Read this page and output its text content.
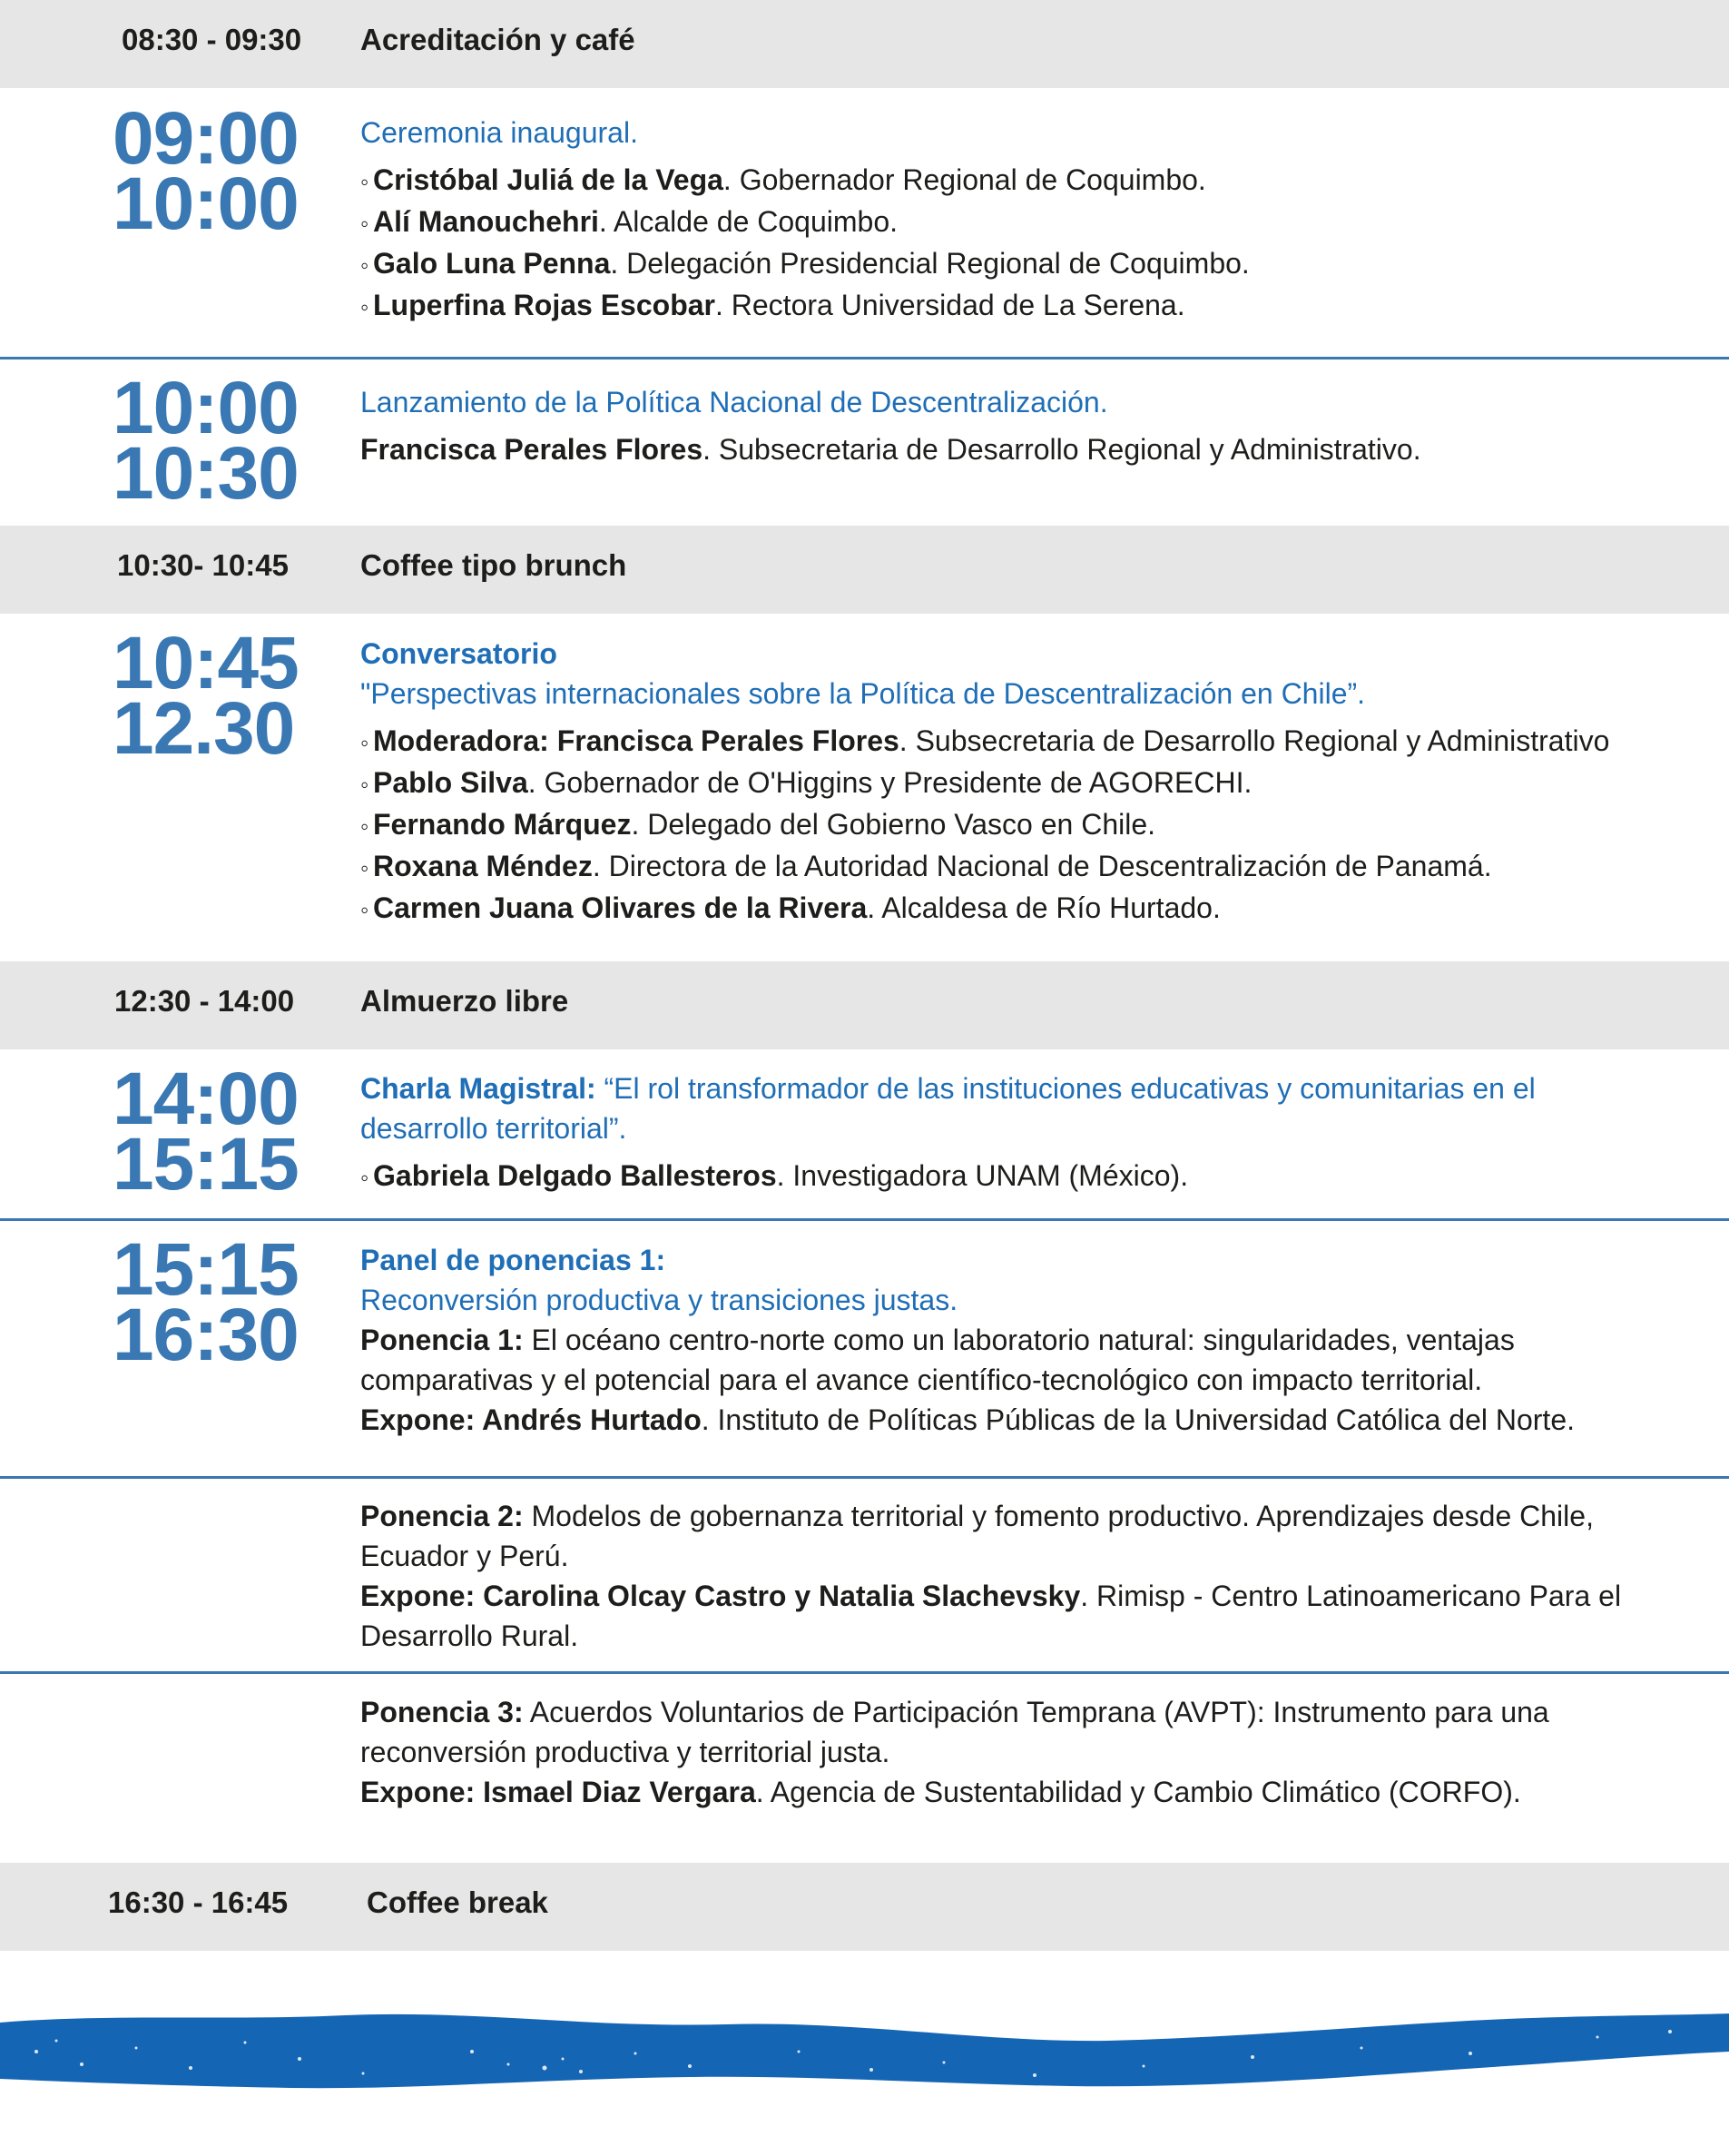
08:30 - 09:30 Acreditación y café
09:00
10:00
Ceremonia inaugural.
◦ Cristóbal Juliá de la Vega. Gobernador Regional de Coquimbo.
◦ Alí Manouchehri. Alcalde de Coquimbo.
◦ Galo Luna Penna. Delegación Presidencial Regional de Coquimbo.
◦ Luperfina Rojas Escobar. Rectora Universidad de La Serena.
10:00
10:30
Lanzamiento de la Política Nacional de Descentralización.
Francisca Perales Flores. Subsecretaria de Desarrollo Regional y Administrativo.
10:30- 10:45 Coffee tipo brunch
10:45
12.30
Conversatorio
"Perspectivas internacionales sobre la Política de Descentralización en Chile”.
◦ Moderadora: Francisca Perales Flores. Subsecretaria de Desarrollo Regional y Administrativo
◦ Pablo Silva. Gobernador de O'Higgins y Presidente de AGORECHI.
◦ Fernando Márquez. Delegado del Gobierno Vasco en Chile.
◦ Roxana Méndez. Directora de la Autoridad Nacional de Descentralización de Panamá.
◦ Carmen Juana Olivares de la Rivera. Alcaldesa de Río Hurtado.
12:30 - 14:00 Almuerzo libre
14:00
15:15
Charla Magistral: “El rol transformador de las instituciones educativas y comunitarias en el
desarrollo territorial”.
◦ Gabriela Delgado Ballesteros. Investigadora UNAM (México).
15:15
16:30
Panel de ponencias 1:
Reconversión productiva y transiciones justas.
Ponencia 1: El océano centro-norte como un laboratorio natural: singularidades, ventajas
comparativas y el potencial para el avance científico-tecnológico con impacto territorial.
Expone: Andrés Hurtado. Instituto de Políticas Públicas de la Universidad Católica del Norte.
Ponencia 2: Modelos de gobernanza territorial y fomento productivo. Aprendizajes desde Chile,
Ecuador y Perú.
Expone: Carolina Olcay Castro y Natalia Slachevsky. Rimisp - Centro Latinoamericano Para el
Desarrollo Rural.
Ponencia 3: Acuerdos Voluntarios de Participación Temprana (AVPT): Instrumento para una
reconversión productiva y territorial justa.
Expone: Ismael Diaz Vergara. Agencia de Sustentabilidad y Cambio Climático (CORFO).
16:30 - 16:45	Coffee break
